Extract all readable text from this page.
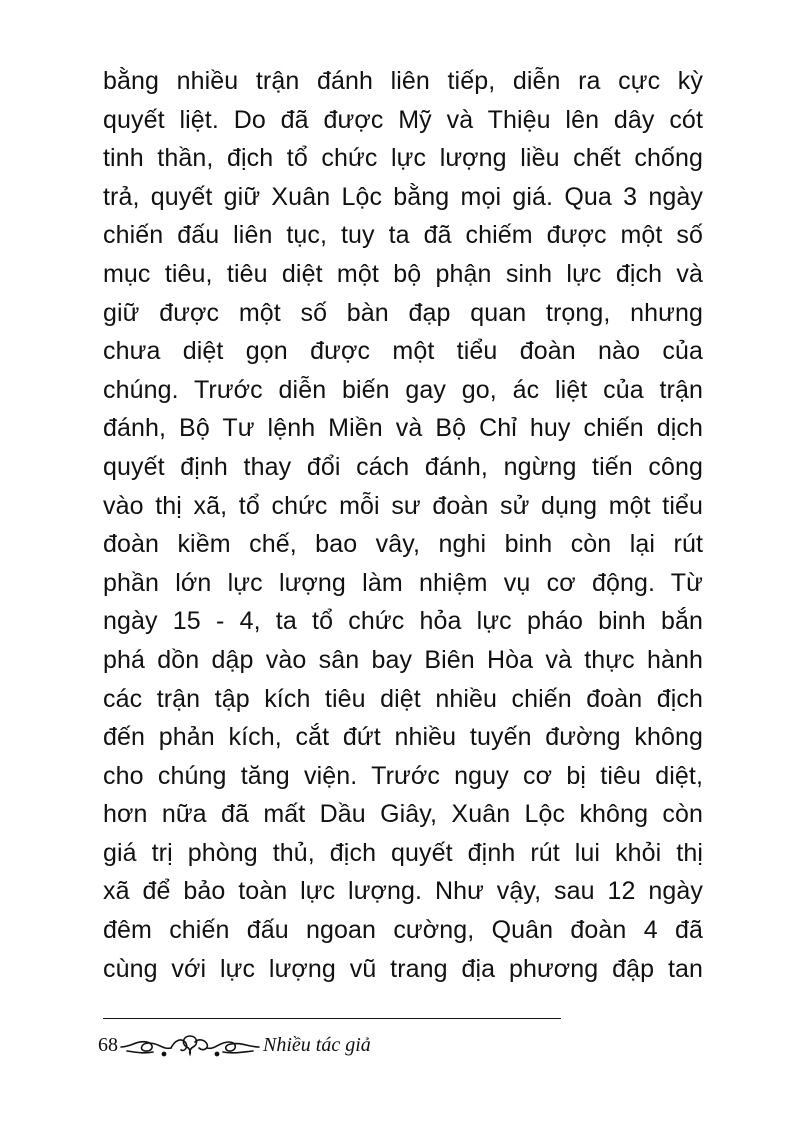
bằng nhiều trận đánh liên tiếp, diễn ra cực kỳ
quyết liệt. Do đã được Mỹ và Thiệu lên dây cót
tinh thần, địch tổ chức lực lượng liều chết chống
trả, quyết giữ Xuân Lộc bằng mọi giá. Qua 3 ngày
chiến đấu liên tục, tuy ta đã chiếm được một số
mục tiêu, tiêu diệt một bộ phận sinh lực địch và
giữ được một số bàn đạp quan trọng, nhưng
chưa diệt gọn được một tiểu đoàn nào của
chúng. Trước diễn biến gay go, ác liệt của trận
đánh, Bộ Tư lệnh Miền và Bộ Chỉ huy chiến dịch
quyết định thay đổi cách đánh, ngừng tiến công
vào thị xã, tổ chức mỗi sư đoàn sử dụng một tiểu
đoàn kiềm chế, bao vây, nghi binh còn lại rút
phần lớn lực lượng làm nhiệm vụ cơ động. Từ
ngày 15 - 4, ta tổ chức hỏa lực pháo binh bắn
phá dồn dập vào sân bay Biên Hòa và thực hành
các trận tập kích tiêu diệt nhiều chiến đoàn địch
đến phản kích, cắt đứt nhiều tuyến đường không
cho chúng tăng viện. Trước nguy cơ bị tiêu diệt,
hơn nữa đã mất Dầu Giây, Xuân Lộc không còn
giá trị phòng thủ, địch quyết định rút lui khỏi thị
xã để bảo toàn lực lượng. Như vậy, sau 12 ngày
đêm chiến đấu ngoan cường, Quân đoàn 4 đã
cùng với lực lượng vũ trang địa phương đập tan
68	Nhiều tác giả
